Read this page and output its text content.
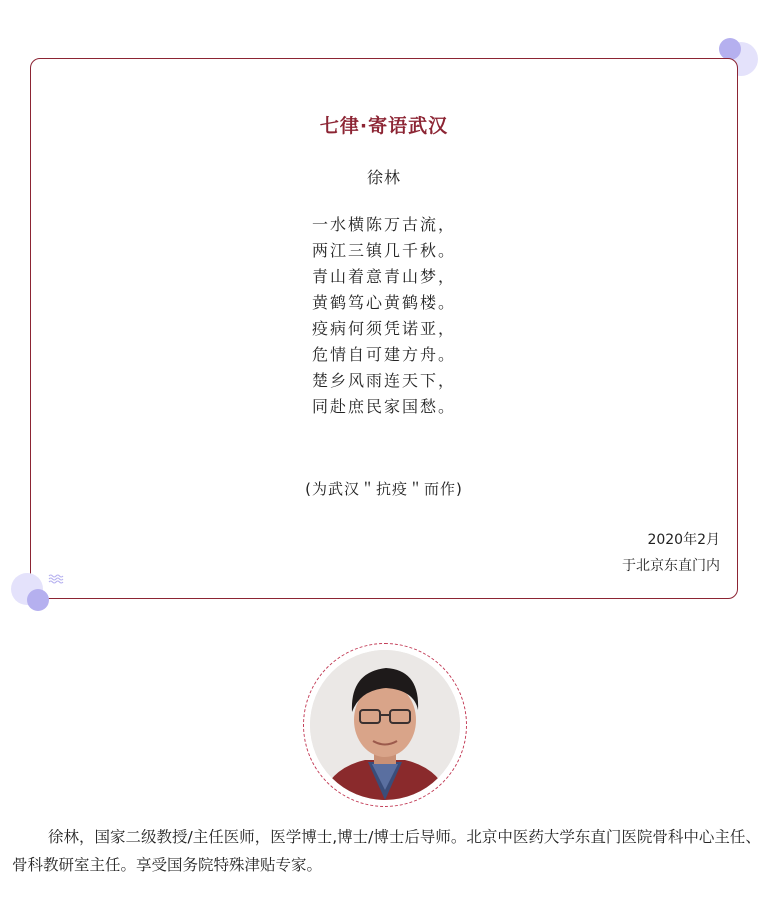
七律·寄语武汉
徐林
一水横陈万古流，
两江三镇几千秋。
青山着意青山梦，
黄鹤笃心黄鹤楼。
疫病何须凭诺亚，
危情自可建方舟。
楚乡风雨连天下，
同赴庶民家国愁。
(为武汉＂抗疫＂而作)
2020年2月
于北京东直门内

徐林，国家二级教授/主任医师，医学博士,博士/博士后导师。北京中医药大学东直门医院骨科中心主任、骨科教研室主任。享受国务院特殊津贴专家。
